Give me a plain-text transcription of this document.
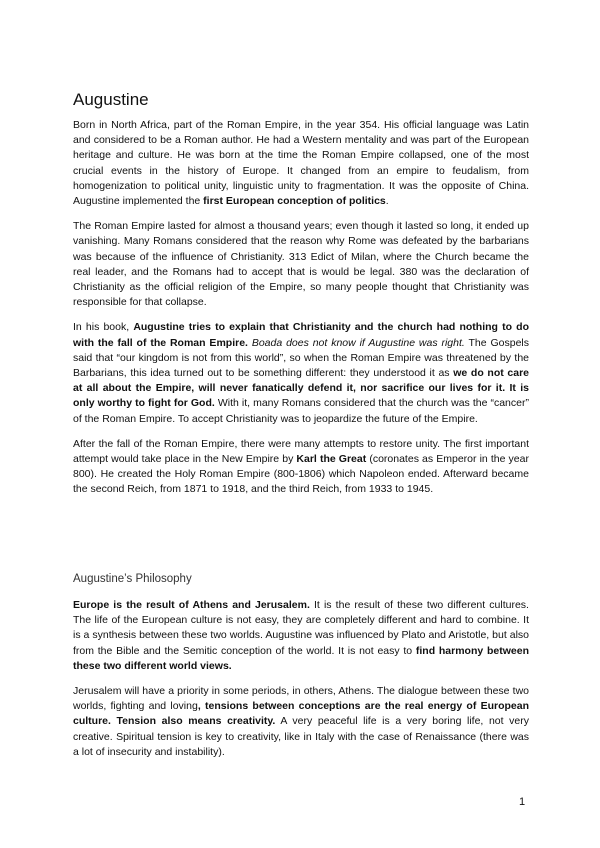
Augustine

Born in North Africa, part of the Roman Empire, in the year 354. His official language was Latin and considered to be a Roman author. He had a Western mentality and was part of the European heritage and culture. He was born at the time the Roman Empire collapsed, one of the most crucial events in the history of Europe. It changed from an empire to feudalism, from homogenization to political unity, linguistic unity to fragmentation. It was the opposite of China. Augustine implemented the first European conception of politics.

The Roman Empire lasted for almost a thousand years; even though it lasted so long, it ended up vanishing. Many Romans considered that the reason why Rome was defeated by the barbarians was because of the influence of Christianity. 313 Edict of Milan, where the Church became the real leader, and the Romans had to accept that is would be legal. 380 was the declaration of Christianity as the official religion of the Empire, so many people thought that Christianity was responsible for that collapse.

In his book, Augustine tries to explain that Christianity and the church had nothing to do with the fall of the Roman Empire. Boada does not know if Augustine was right. The Gospels said that “our kingdom is not from this world”, so when the Roman Empire was threatened by the Barbarians, this idea turned out to be something different: they understood it as we do not care at all about the Empire, will never fanatically defend it, nor sacrifice our lives for it. It is only worthy to fight for God. With it, many Romans considered that the church was the “cancer” of the Roman Empire. To accept Christianity was to jeopardize the future of the Empire.

After the fall of the Roman Empire, there were many attempts to restore unity. The first important attempt would take place in the New Empire by Karl the Great (coronates as Emperor in the year 800). He created the Holy Roman Empire (800-1806) which Napoleon ended. Afterward became the second Reich, from 1871 to 1918, and the third Reich, from 1933 to 1945.

Augustine’s Philosophy

Europe is the result of Athens and Jerusalem. It is the result of these two different cultures. The life of the European culture is not easy, they are completely different and hard to combine. It is a synthesis between these two worlds. Augustine was influenced by Plato and Aristotle, but also from the Bible and the Semitic conception of the world. It is not easy to find harmony between these two different world views.

Jerusalem will have a priority in some periods, in others, Athens. The dialogue between these two worlds, fighting and loving, tensions between conceptions are the real energy of European culture. Tension also means creativity. A very peaceful life is a very boring life, not very creative. Spiritual tension is key to creativity, like in Italy with the case of Renaissance (there was a lot of insecurity and instability).

1
